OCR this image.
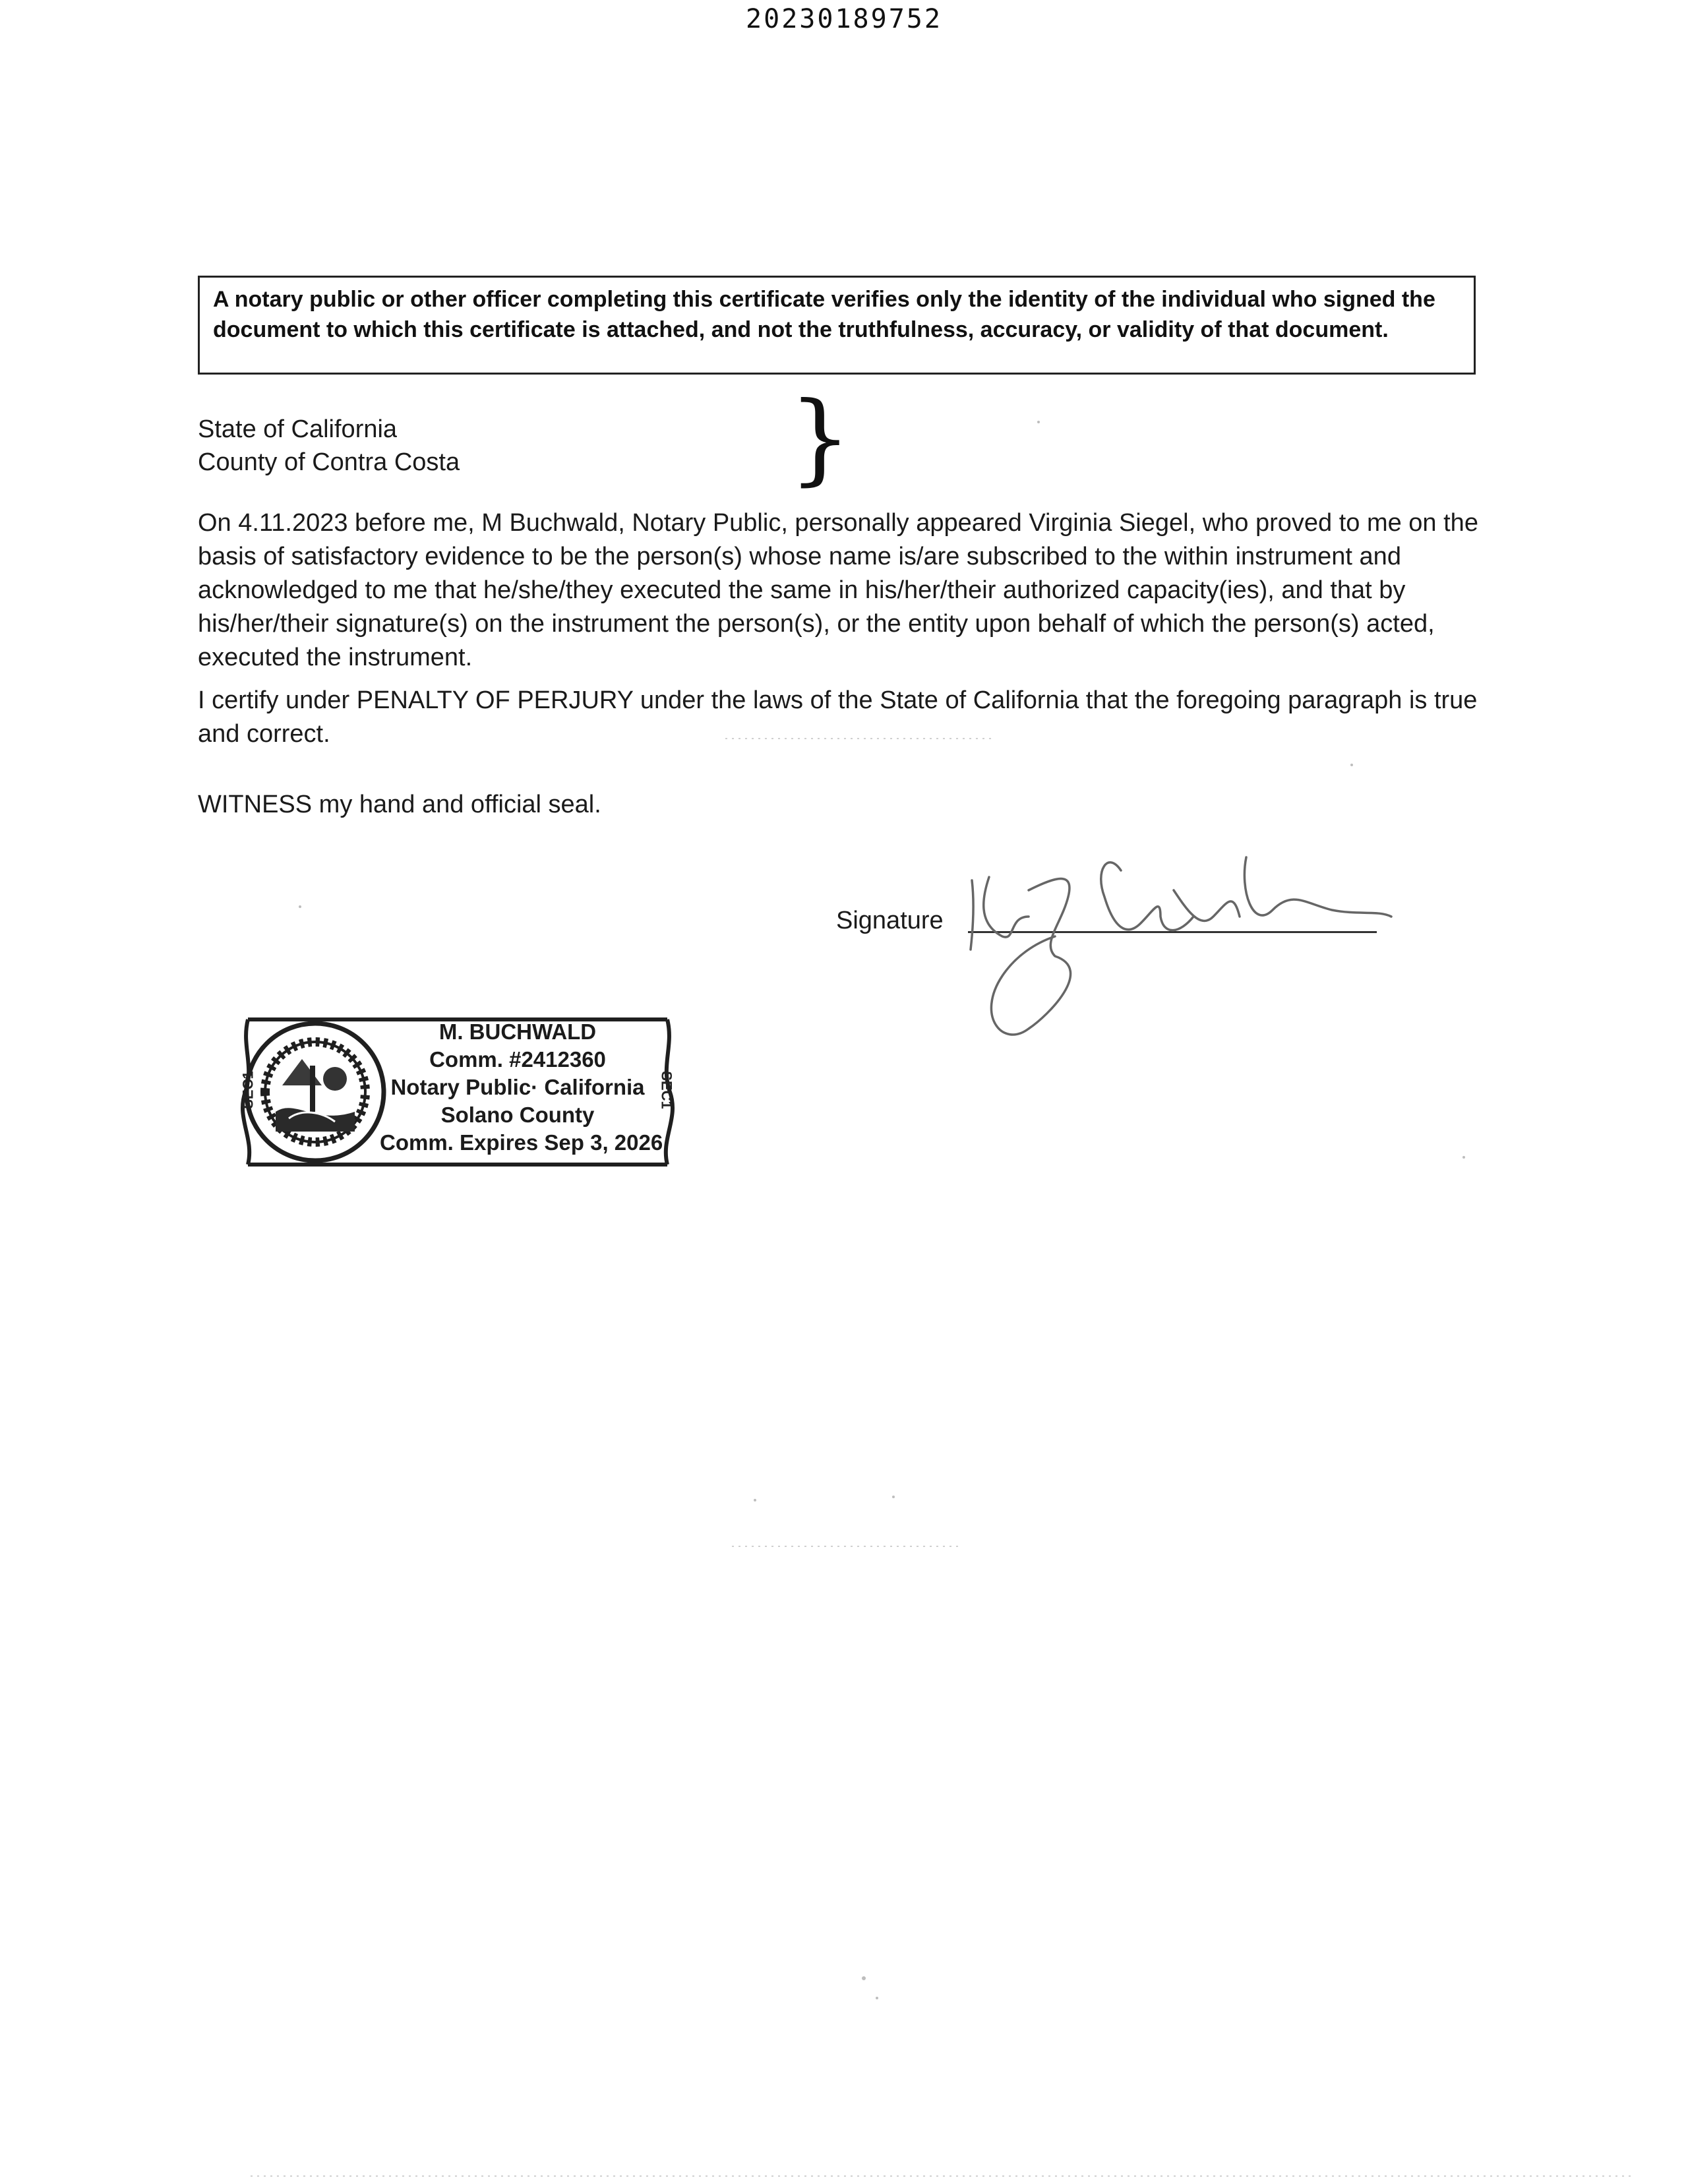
20230189752
A notary public or other officer completing this certificate verifies only the identity of the individual who signed the document to which this certificate is attached, and not the truthfulness, accuracy, or validity of that document.
State of California
County of Contra Costa	}
On 4.11.2023 before me, M Buchwald, Notary Public, personally appeared Virginia Siegel, who proved to me on the basis of satisfactory evidence to be the person(s) whose name is/are subscribed to the within instrument and acknowledged to me that he/she/they executed the same in his/her/their authorized capacity(ies), and that by his/her/their signature(s) on the instrument the person(s), or the entity upon behalf of which the person(s) acted, executed the instrument.
I certify under PENALTY OF PERJURY under the laws of the State of California that the foregoing paragraph is true and correct.
WITNESS my hand and official seal.
Signature
SEC1	SEC1
M. BUCHWALD
Comm. #2412360
Notary Public· California
Solano County
Comm. Expires Sep 3, 2026
